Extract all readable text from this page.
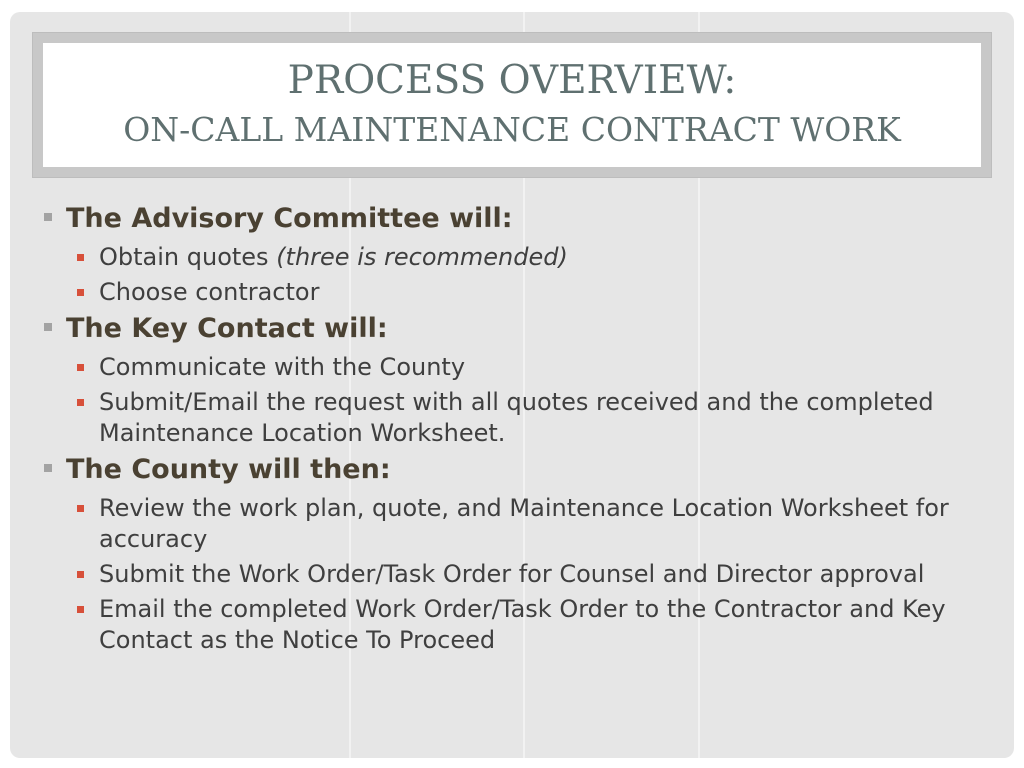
PROCESS OVERVIEW:
ON-CALL MAINTENANCE CONTRACT WORK
The Advisory Committee will:
Obtain quotes (three is recommended)
Choose contractor
The Key Contact will:
Communicate with the County
Submit/Email the request with all quotes received and the completed Maintenance Location Worksheet.
The County will then:
Review the work plan, quote, and Maintenance Location Worksheet for accuracy
Submit the Work Order/Task Order for Counsel and Director approval
Email the completed Work Order/Task Order to the Contractor and Key Contact as the Notice To Proceed
